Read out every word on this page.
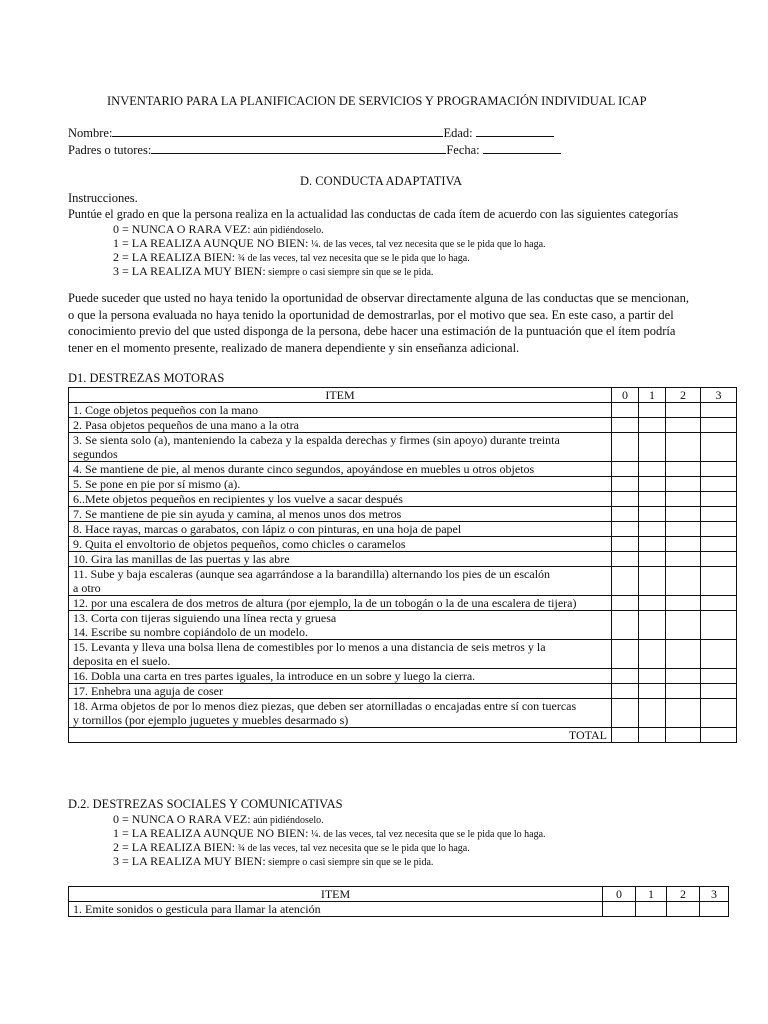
INVENTARIO PARA LA PLANIFICACION DE SERVICIOS Y PROGRAMACIÓN INDIVIDUAL ICAP
Nombre:	Edad:
Padres o tutores:	Fecha:
D. CONDUCTA ADAPTATIVA
Instrucciones.
Puntúe el grado en que la persona realiza en la actualidad las conductas de cada ítem de acuerdo con las siguientes categorías
0 = NUNCA O RARA VEZ: aún pidiéndoselo.
1 = LA REALIZA AUNQUE NO BIEN: ¼. de las veces, tal vez necesita que se le pida que lo haga.
2 = LA REALIZA BIEN: ¾ de las veces, tal vez necesita que se le pida que lo haga.
3 = LA REALIZA MUY BIEN: siempre o casi siempre sin que se le pida.
Puede suceder que usted no haya tenido la oportunidad de observar directamente alguna de las conductas que se mencionan,
o que la persona evaluada no haya tenido la oportunidad de demostrarlas, por el motivo que sea. En este caso, a partir del
conocimiento previo del que usted disponga de la persona, debe hacer una estimación de la puntuación que el ítem podría
tener en el momento presente, realizado de manera dependiente y sin enseñanza adicional.
D1. DESTREZAS MOTORAS
ITEM	0	1	2	3

1. Coge objetos pequeños con la mano				

2. Pasa objetos pequeños de una mano a la otra				

3. Se sienta solo (a), manteniendo la cabeza y la espalda derechas y firmes (sin apoyo) durante treinta
segundos				

4. Se mantiene de pie, al menos durante cinco segundos, apoyándose en muebles u otros objetos				

5. Se pone en pie por sí mismo (a).				

6..Mete objetos pequeños en recipientes y los vuelve a sacar después				

7. Se mantiene de pie sin ayuda y camina, al menos unos dos metros				

8. Hace rayas, marcas o garabatos, con lápiz o con pinturas, en una hoja de papel				

9. Quita el envoltorio de objetos pequeños, como chicles o caramelos				

10. Gira las manillas de las puertas y las abre				

11. Sube y baja escaleras (aunque sea agarrándose a la barandilla) alternando los pies de un escalón
a otro				

12. por una escalera de dos metros de altura (por ejemplo, la de un tobogán o la de una escalera de tijera)				

13. Corta con tijeras siguiendo una línea recta y gruesa
14. Escribe su nombre copiándolo de un modelo.				

15. Levanta y lleva una bolsa llena de comestibles por lo menos a una distancia de seis metros y la
deposita en el suelo.				

16. Dobla una carta en tres partes iguales, la introduce en un sobre y luego la cierra.				

17. Enhebra una aguja de coser				

18. Arma objetos de por lo menos diez piezas, que deben ser atornilladas o encajadas entre sí con tuercas
y tornillos (por ejemplo juguetes y muebles desarmado s)				

TOTAL				
D.2. DESTREZAS SOCIALES Y COMUNICATIVAS
0 = NUNCA O RARA VEZ: aún pidiéndoselo.
1 = LA REALIZA AUNQUE NO BIEN: ¼. de las veces, tal vez necesita que se le pida que lo haga.
2 = LA REALIZA BIEN: ¾ de las veces, tal vez necesita que se le pida que lo haga.
3 = LA REALIZA MUY BIEN: siempre o casi siempre sin que se le pida.
ITEM	0	1	2	3

1. Emite sonidos o gesticula para llamar la atención				
